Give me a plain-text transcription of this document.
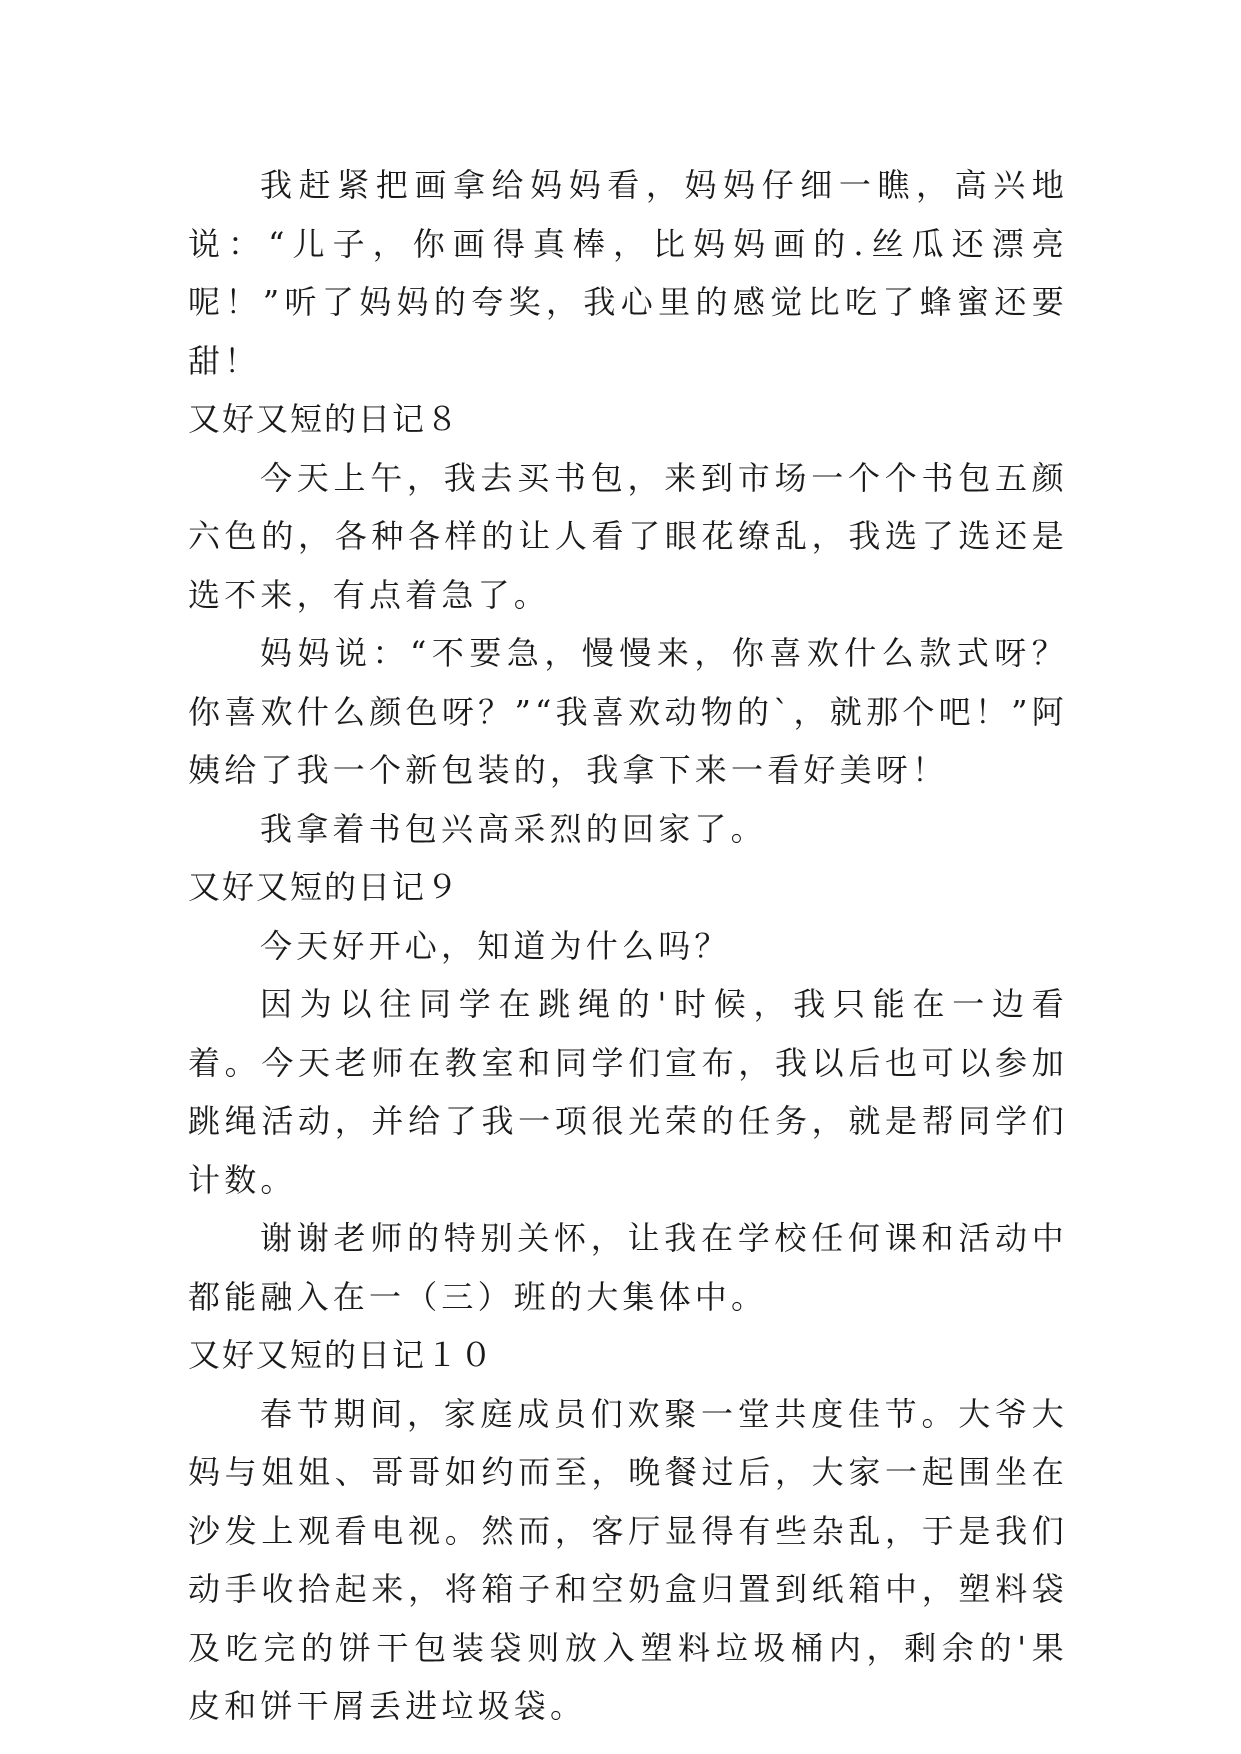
我赶紧把画拿给妈妈看，妈妈仔细一瞧，高兴地说：“儿子，你画得真棒，比妈妈画的.丝瓜还漂亮呢！”听了妈妈的夸奖，我心里的感觉比吃了蜂蜜还要甜！

又好又短的日记８

今天上午，我去买书包，来到市场一个个书包五颜六色的，各种各样的让人看了眼花缭乱，我选了选还是选不来，有点着急了。

妈妈说：“不要急，慢慢来，你喜欢什么款式呀？你喜欢什么颜色呀？”“我喜欢动物的`，就那个吧！”阿姨给了我一个新包装的，我拿下来一看好美呀！

我拿着书包兴高采烈的回家了。

又好又短的日记９

今天好开心，知道为什么吗？

因为以往同学在跳绳的'时候，我只能在一边看着。今天老师在教室和同学们宣布，我以后也可以参加跳绳活动，并给了我一项很光荣的任务，就是帮同学们计数。

谢谢老师的特别关怀，让我在学校任何课和活动中都能融入在一（三）班的大集体中。

又好又短的日记１０

春节期间，家庭成员们欢聚一堂共度佳节。大爷大妈与姐姐、哥哥如约而至，晚餐过后，大家一起围坐在沙发上观看电视。然而，客厅显得有些杂乱，于是我们动手收拾起来，将箱子和空奶盒归置到纸箱中，塑料袋及吃完的饼干包装袋则放入塑料垃圾桶内，剩余的'果皮和饼干屑丢进垃圾袋。
